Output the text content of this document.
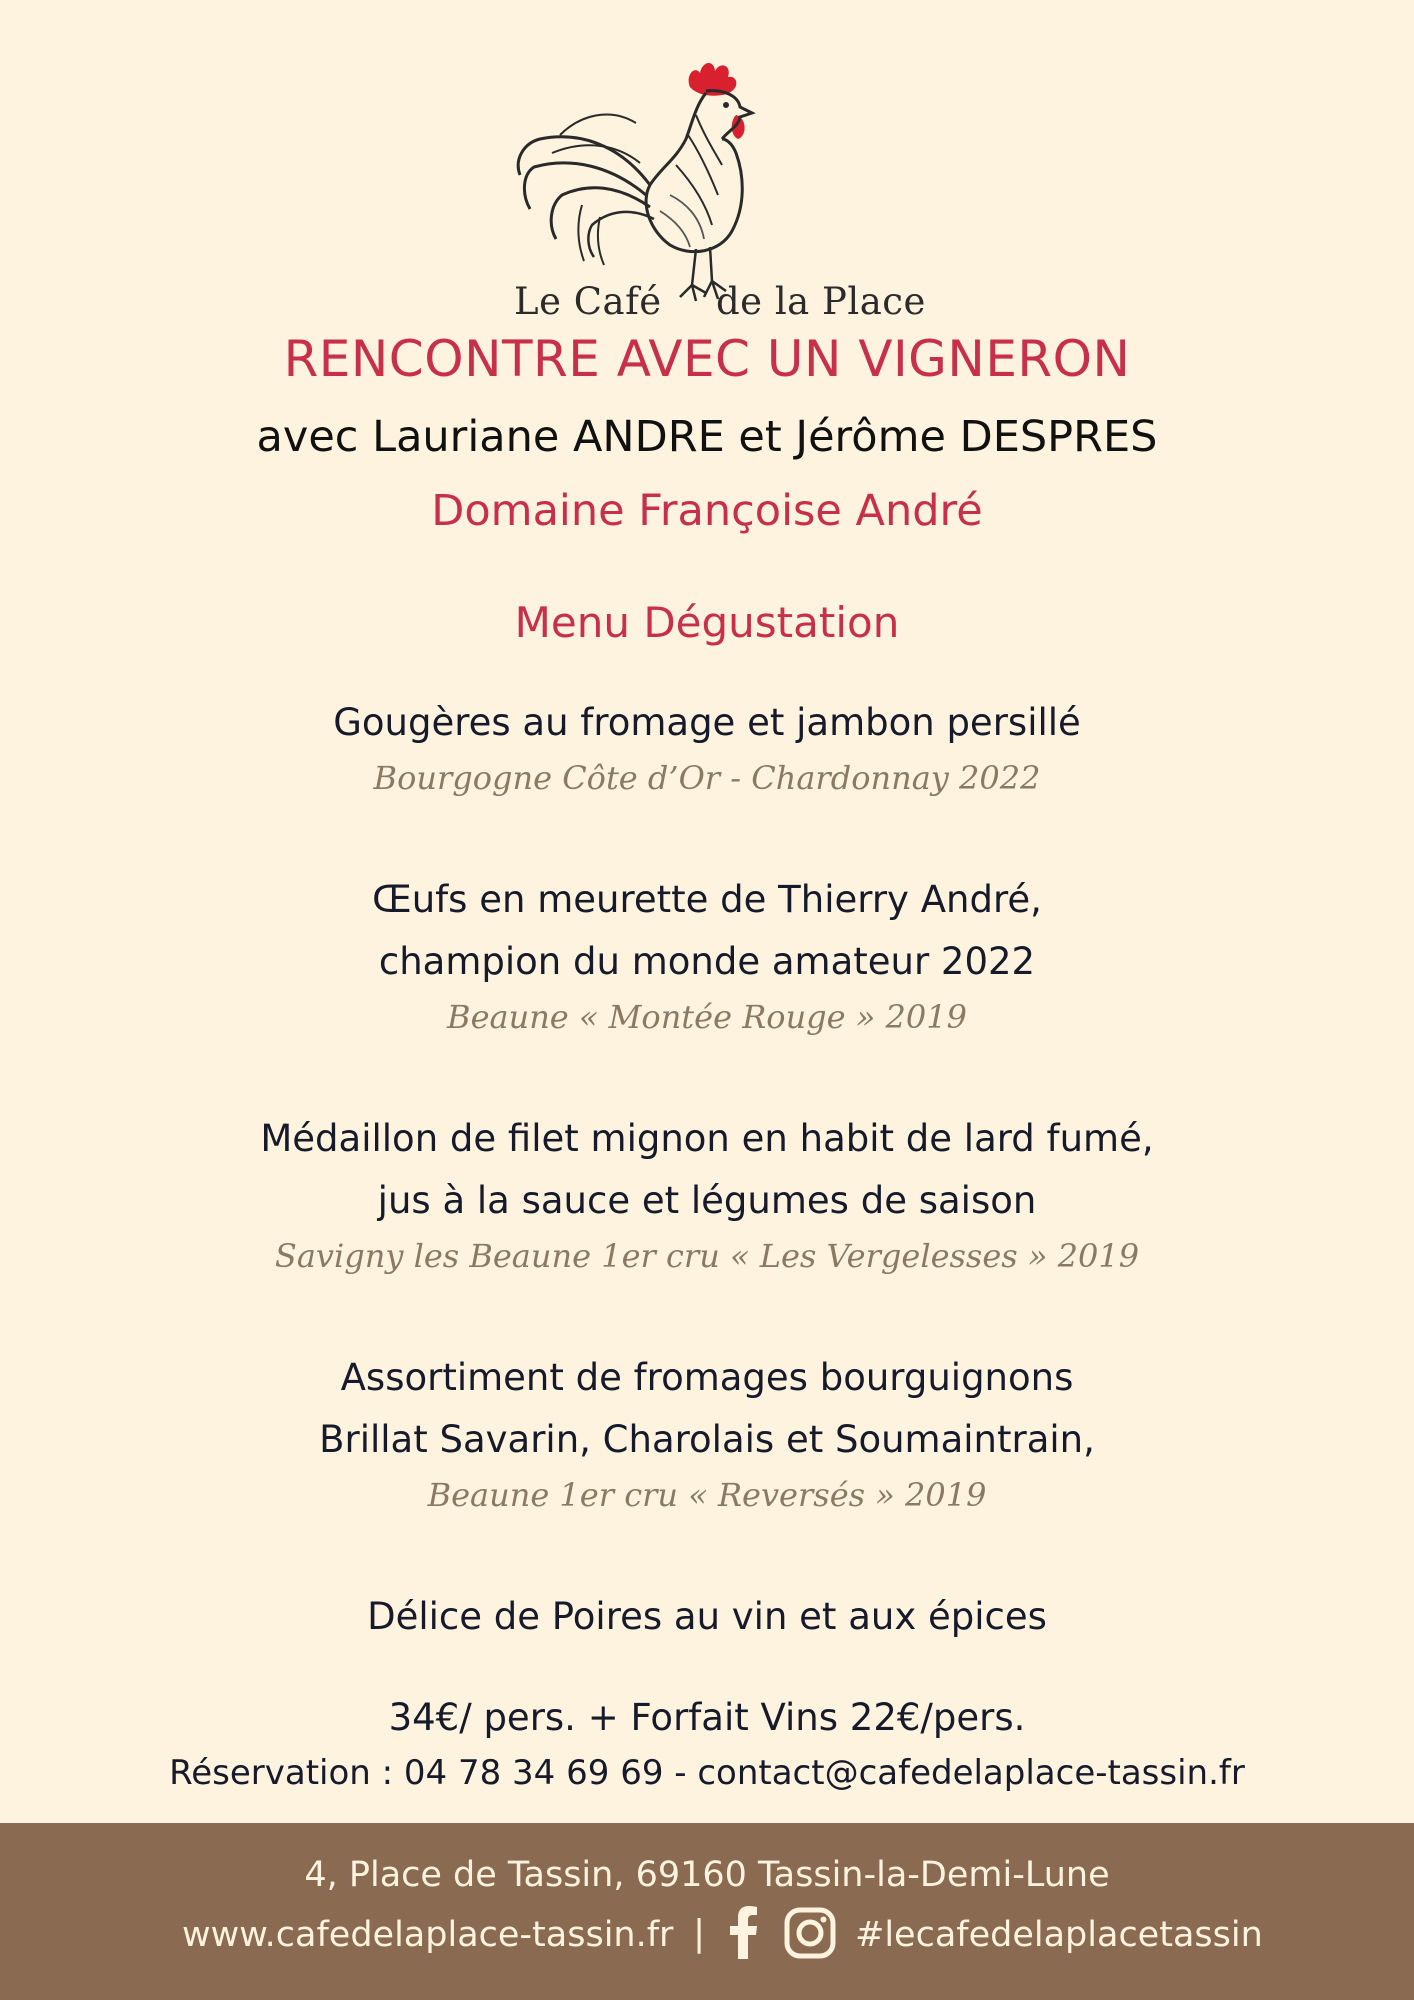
Le Café de la Place
RENCONTRE AVEC UN VIGNERON
avec Lauriane ANDRE et Jérôme DESPRES
Domaine Françoise André
Menu Dégustation
Gougères au fromage et jambon persillé
Bourgogne Côte d’Or - Chardonnay 2022
Œufs en meurette de Thierry André,
champion du monde amateur 2022
Beaune « Montée Rouge » 2019
Médaillon de filet mignon en habit de lard fumé,
jus à la sauce et légumes de saison
Savigny les Beaune 1er cru « Les Vergelesses » 2019
Assortiment de fromages bourguignons
Brillat Savarin, Charolais et Soumaintrain,
Beaune 1er cru « Reversés » 2019
Délice de Poires au vin et aux épices
34€/ pers. + Forfait Vins 22€/pers.
Réservation : 04 78 34 69 69 - contact@cafedelaplace-tassin.fr
4, Place de Tassin, 69160 Tassin-la-Demi-Lune
www.cafedelaplace-tassin.fr |	#lecafedelaplacetassin
